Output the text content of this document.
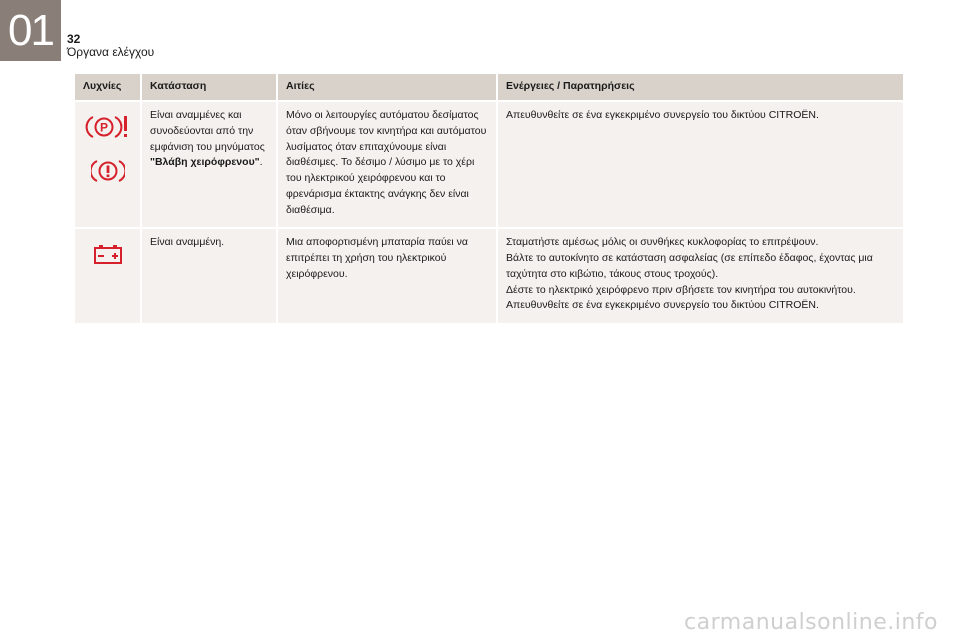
01	32
Όργανα ελέγχου
Λυχνίες	Κατάσταση	Αιτίες	Ενέργειες / Παρατηρήσεις

P	Είναι αναμμένες και συνοδεύονται από την εμφάνιση του μηνύματος "Βλάβη χειρόφρενου".	Μόνο οι λειτουργίες αυτόματου δεσίματος όταν σβήνουμε τον κινητήρα και αυτόματου λυσίματος όταν επιταχύνουμε είναι διαθέσιμες. Το δέσιμο / λύσιμο με το χέρι του ηλεκτρικού χειρόφρενου και το φρενάρισμα έκτακτης ανάγκης δεν είναι διαθέσιμα.	Απευθυνθείτε σε ένα εγκεκριμένο συνεργείο του δικτύου CITROËN.

	Είναι αναμμένη.	Μια αποφορτισμένη μπαταρία παύει να επιτρέπει τη χρήση του ηλεκτρικού χειρόφρενου.	Σταματήστε αμέσως μόλις οι συνθήκες κυκλοφορίας το επιτρέψουν.
Βάλτε το αυτοκίνητο σε κατάσταση ασφαλείας (σε επίπεδο έδαφος, έχοντας μια ταχύτητα στο κιβώτιο, τάκους στους τροχούς).
Δέστε το ηλεκτρικό χειρόφρενο πριν σβήσετε τον κινητήρα του αυτοκινήτου.
Απευθυνθείτε σε ένα εγκεκριμένο συνεργείο του δικτύου CITROËN.
carmanualsonline.info
